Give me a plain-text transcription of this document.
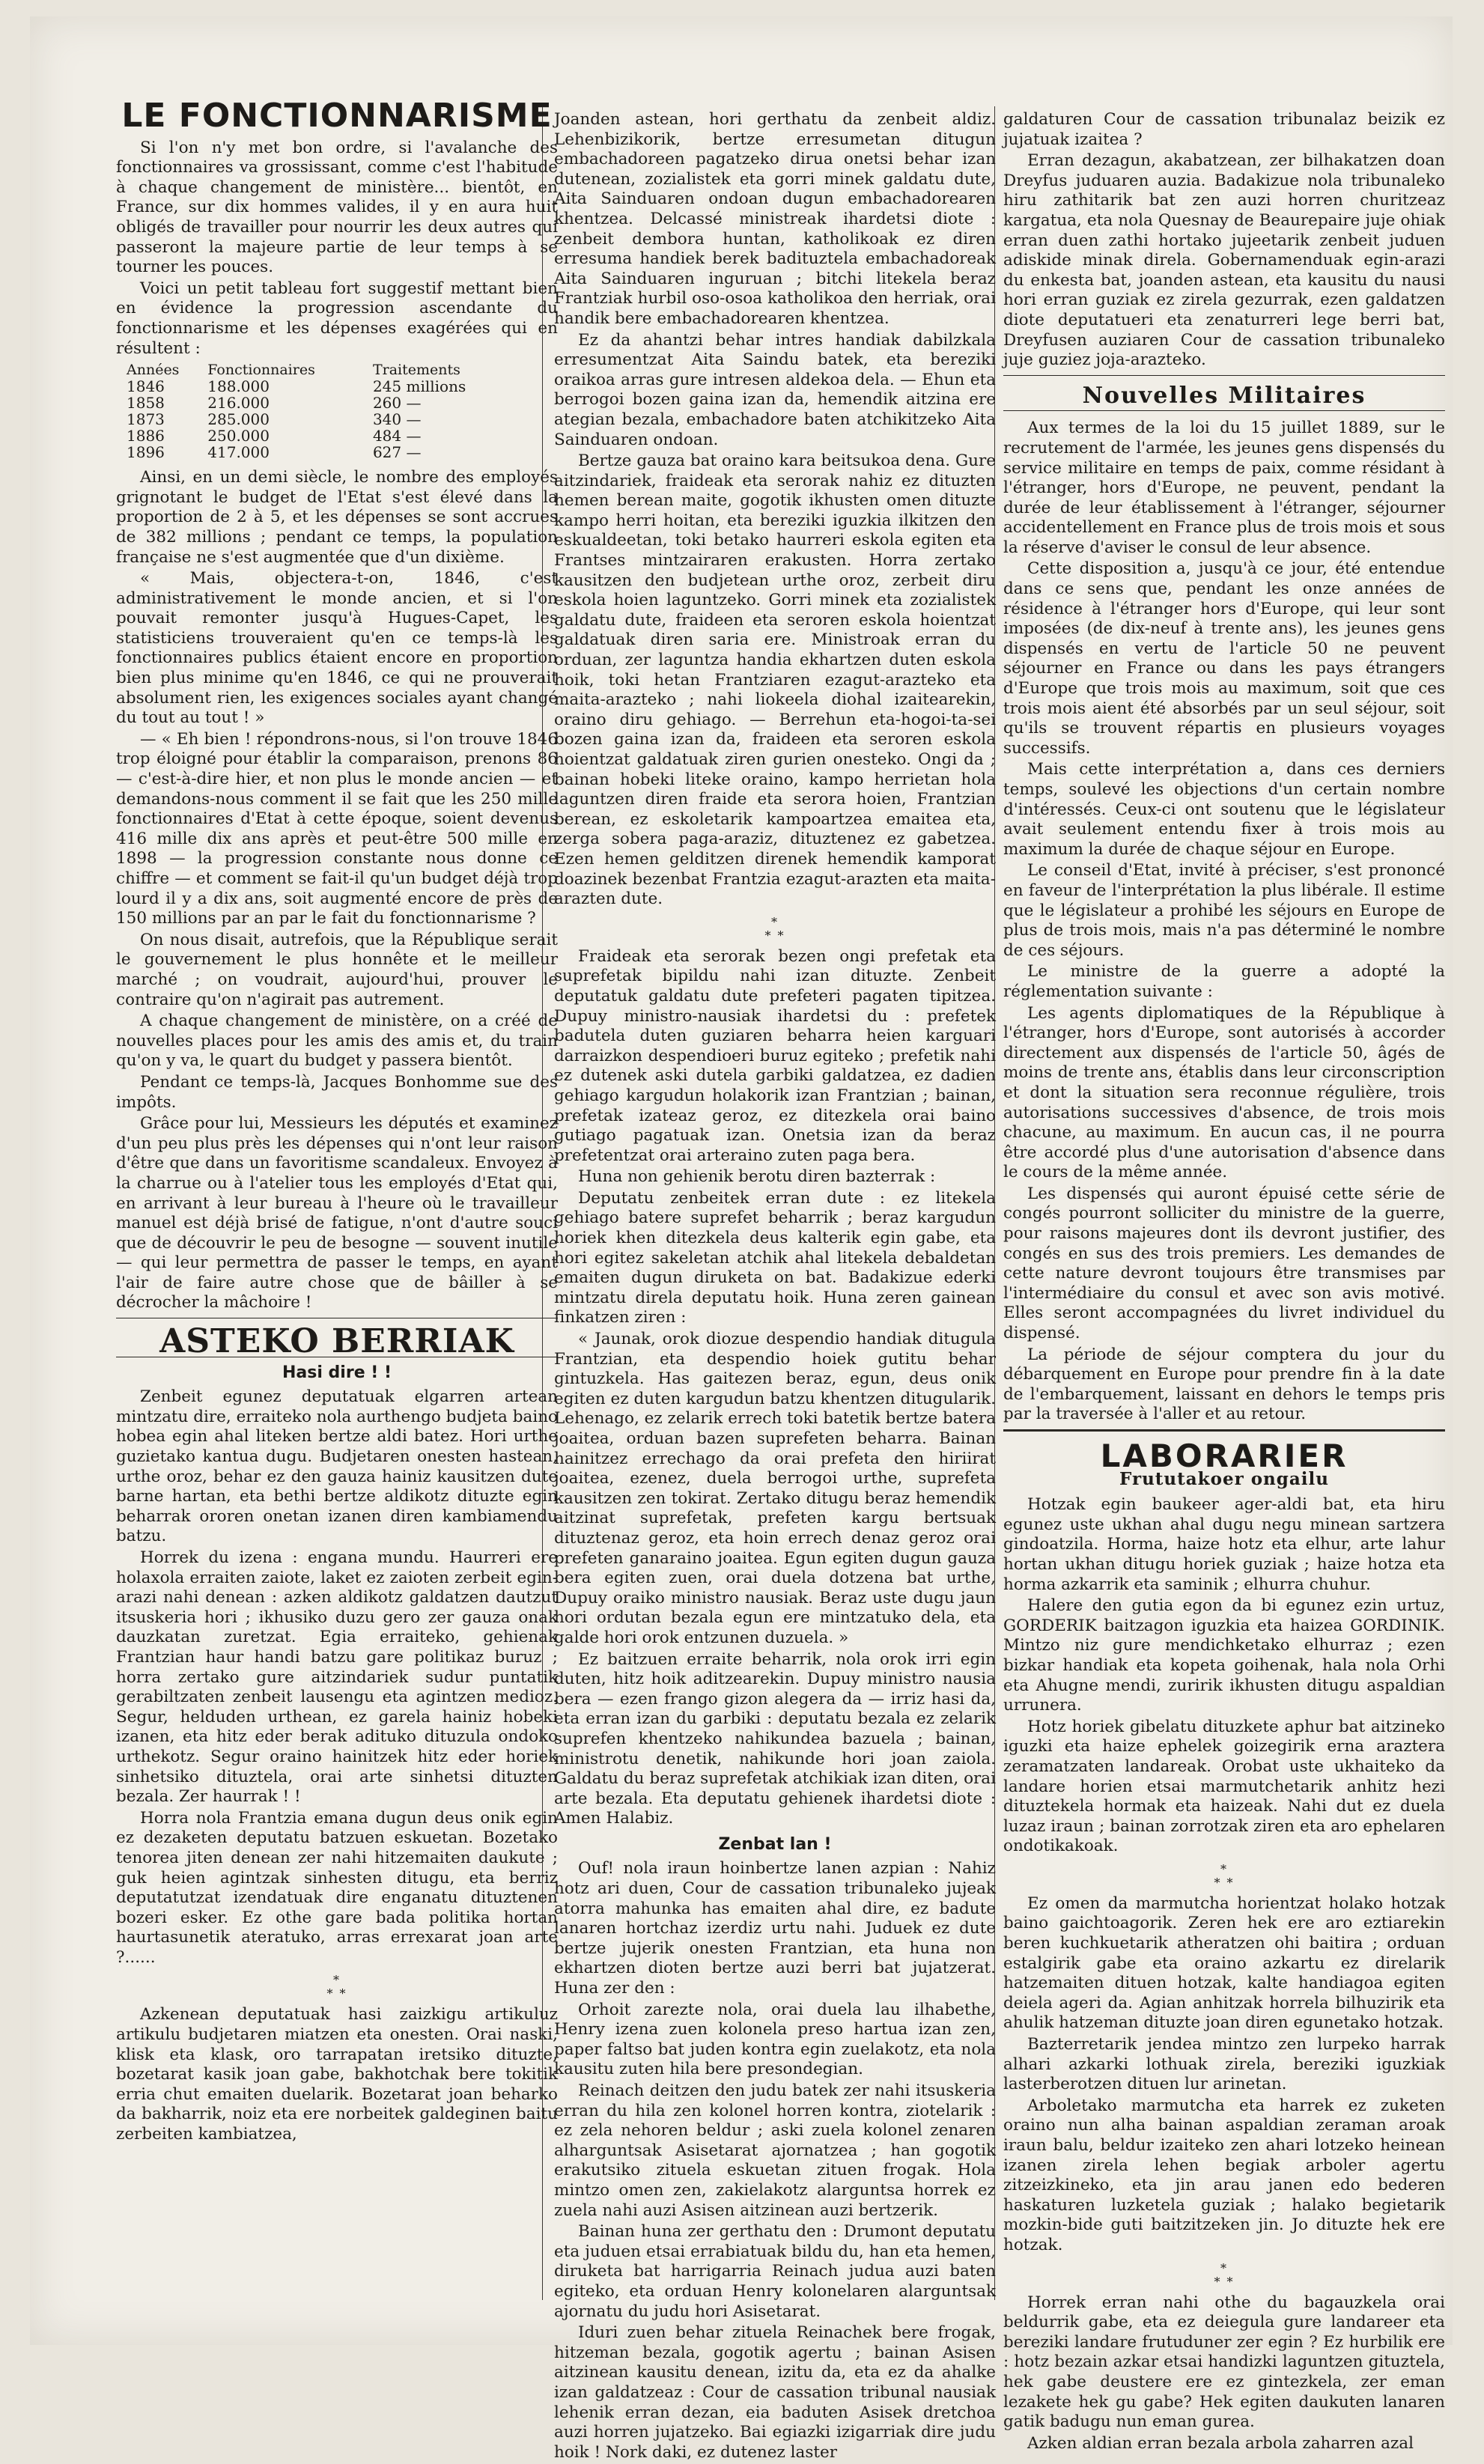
LE FONCTIONNARISME

Si l'on n'y met bon ordre, si l'avalanche des fonctionnaires va grossissant, comme c'est l'habitude à chaque changement de ministère... bientôt, en France, sur dix hommes valides, il y en aura huit obligés de travailler pour nourrir les deux autres qui passeront la majeure partie de leur temps à se tourner les pouces.

Voici un petit tableau fort suggestif mettant bien en évidence la progression ascendante du fonctionnarisme et les dépenses exagérées qui en résultent :

Années	Fonctionnaires	Traitements
1846	188.000	245 millions
1858	216.000	260 —
1873	285.000	340 —
1886	250.000	484 —
1896	417.000	627 —

Ainsi, en un demi siècle, le nombre des employés grignotant le budget de l'Etat s'est élevé dans la proportion de 2 à 5, et les dépenses se sont accrues de 382 millions ; pendant ce temps, la population française ne s'est augmentée que d'un dixième.

« Mais, objectera-t-on, 1846, c'est administrativement le monde ancien, et si l'on pouvait remonter jusqu'à Hugues-Capet, les statisticiens trouveraient qu'en ce temps-là les fonctionnaires publics étaient encore en proportion bien plus minime qu'en 1846, ce qui ne prouverait absolument rien, les exigences sociales ayant changé du tout au tout ! »

— « Eh bien ! répondrons-nous, si l'on trouve 1846 trop éloigné pour établir la comparaison, prenons 86 — c'est-à-dire hier, et non plus le monde ancien — et demandons-nous comment il se fait que les 250 mille fonctionnaires d'Etat à cette époque, soient devenus 416 mille dix ans après et peut-être 500 mille en 1898 — la progression constante nous donne ce chiffre — et comment se fait-il qu'un budget déjà trop lourd il y a dix ans, soit augmenté encore de près de 150 millions par an par le fait du fonctionnarisme ?

On nous disait, autrefois, que la République serait le gouvernement le plus honnête et le meilleur marché ; on voudrait, aujourd'hui, prouver le contraire qu'on n'agirait pas autrement.

A chaque changement de ministère, on a créé de nouvelles places pour les amis des amis et, du train qu'on y va, le quart du budget y passera bientôt.

Pendant ce temps-là, Jacques Bonhomme sue des impôts.

Grâce pour lui, Messieurs les députés et examinez d'un peu plus près les dépenses qui n'ont leur raison d'être que dans un favoritisme scandaleux. Envoyez à la charrue ou à l'atelier tous les employés d'Etat qui, en arrivant à leur bureau à l'heure où le travailleur manuel est déjà brisé de fatigue, n'ont d'autre souci que de découvrir le peu de besogne — souvent inutile — qui leur permettra de passer le temps, en ayant l'air de faire autre chose que de bâiller à se décrocher la mâchoire !

ASTEKO BERRIAK
Hasi dire ! !

Zenbeit egunez deputatuak elgarren artean mintzatu dire, erraiteko nola aurthengo budjeta baino hobea egin ahal liteken bertze aldi batez. Hori urthe guzietako kantua dugu. Budjetaren onesten hastean, urthe oroz, behar ez den gauza hainiz kausitzen dute barne hartan, eta bethi bertze aldikotz dituzte egin beharrak ororen onetan izanen diren kambiamendu batzu.

Horrek du izena : engana mundu. Haurreri ere holaxola erraiten zaiote, laket ez zaioten zerbeit egin-arazi nahi denean : azken aldikotz galdatzen dautzut itsuskeria hori ; ikhusiko duzu gero zer gauza onak dauzkatan zuretzat. Egia erraiteko, gehienak Frantzian haur handi batzu gare politikaz buruz ; horra zertako gure aitzindariek sudur puntatik gerabiltzaten zenbeit lausengu eta agintzen medioz. Segur, helduden urthean, ez garela hainiz hobeki izanen, eta hitz eder berak adituko dituzula ondoko urthekotz. Segur oraino hainitzek hitz eder horiek sinhetsiko dituztela, orai arte sinhetsi dituzten bezala. Zer haurrak ! !

Horra nola Frantzia emana dugun deus onik egin ez dezaketen deputatu batzuen eskuetan. Bozetako tenorea jiten denean zer nahi hitzemaiten daukute ; guk heien agintzak sinhesten ditugu, eta berriz deputatutzat izendatuak dire enganatu dituztenen bozeri esker. Ez othe gare bada politika hortan haurtasunetik ateratuko, arras errexarat joan arte ?......

*
* *

Azkenean deputatuak hasi zaizkigu artikuluz artikulu budjetaren miatzen eta onesten. Orai naski, klisk eta klask, oro tarrapatan iretsiko dituzte, bozetarat kasik joan gabe, bakhotchak bere tokitik erria chut emaiten duelarik. Bozetarat joan beharko da bakharrik, noiz eta ere norbeitek galdeginen baitu zerbeiten kambiatzea,

Joanden astean, hori gerthatu da zenbeit aldiz. Lehenbizikorik, bertze erresumetan ditugun embachadoreen pagatzeko dirua onetsi behar izan dutenean, zozialistek eta gorri minek galdatu dute, Aita Sainduaren ondoan dugun embachadorearen khentzea. Delcassé ministreak ihardetsi diote : zenbeit dembora huntan, katholikoak ez diren erresuma handiek berek badituztela embachadoreak Aita Sainduaren inguruan ; bitchi litekela beraz Frantziak hurbil oso-osoa katholikoa den herriak, orai handik bere embachadorearen khentzea.

Ez da ahantzi behar intres handiak dabilzkala erresumentzat Aita Saindu batek, eta bereziki oraikoa arras gure intresen aldekoa dela. — Ehun eta berrogoi bozen gaina izan da, hemendik aitzina ere ategian bezala, embachadore baten atchikitzeko Aita Sainduaren ondoan.

Bertze gauza bat oraino kara beitsukoa dena. Gure aitzindariek, fraideak eta serorak nahiz ez dituzten hemen berean maite, gogotik ikhusten omen dituzte kampo herri hoitan, eta bereziki iguzkia ilkitzen den eskualdeetan, toki betako haurreri eskola egiten eta Frantses mintzairaren erakusten. Horra zertako kausitzen den budjetean urthe oroz, zerbeit diru eskola hoien laguntzeko. Gorri minek eta zozialistek galdatu dute, fraideen eta seroren eskola hoientzat galdatuak diren saria ere. Ministroak erran du orduan, zer laguntza handia ekhartzen duten eskola hoik, toki hetan Frantziaren ezagut-arazteko eta maita-arazteko ; nahi liokeela diohal izaitearekin, oraino diru gehiago. — Berrehun eta-hogoi-ta-sei bozen gaina izan da, fraideen eta seroren eskola hoientzat galdatuak ziren gurien onesteko. Ongi da ; bainan hobeki liteke oraino, kampo herrietan hola laguntzen diren fraide eta serora hoien, Frantzian berean, ez eskoletarik kampoartzea emaitea eta, zerga sobera paga-araziz, dituztenez ez gabetzea. Ezen hemen gelditzen direnek hemendik kamporat doazinek bezenbat Frantzia ezagut-arazten eta maita-arazten dute.

*
* *

Fraideak eta serorak bezen ongi prefetak eta suprefetak bipildu nahi izan dituzte. Zenbeit deputatuk galdatu dute prefeteri pagaten tipitzea. Dupuy ministro-nausiak ihardetsi du : prefetek badutela duten guziaren beharra heien karguari darraizkon despendioeri buruz egiteko ; prefetik nahi ez dutenek aski dutela garbiki galdatzea, ez dadien gehiago kargudun holakorik izan Frantzian ; bainan, prefetak izateaz geroz, ez ditezkela orai baino gutiago pagatuak izan. Onetsia izan da beraz prefetentzat orai arteraino zuten paga bera.

Huna non gehienik berotu diren bazterrak :

Deputatu zenbeitek erran dute : ez litekela gehiago batere suprefet beharrik ; beraz kargudun horiek khen ditezkela deus kalterik egin gabe, eta hori egitez sakeletan atchik ahal litekela debaldetan emaiten dugun diruketa on bat. Badakizue ederki mintzatu direla deputatu hoik. Huna zeren gainean finkatzen ziren :

« Jaunak, orok diozue despendio handiak ditugula Frantzian, eta despendio hoiek gutitu behar gintuzkela. Has gaitezen beraz, egun, deus onik egiten ez duten kargudun batzu khentzen ditugularik. Lehenago, ez zelarik errech toki batetik bertze batera joaitea, orduan bazen suprefeten beharra. Bainan hainitzez errechago da orai prefeta den hiriirat joaitea, ezenez, duela berrogoi urthe, suprefeta kausitzen zen tokirat. Zertako ditugu beraz hemendik aitzinat suprefetak, prefeten kargu bertsuak dituztenaz geroz, eta hoin errech denaz geroz orai prefeten ganaraino joaitea. Egun egiten dugun gauza bera egiten zuen, orai duela dotzena bat urthe, Dupuy oraiko ministro nausiak. Beraz uste dugu jaun hori ordutan bezala egun ere mintzatuko dela, eta galde hori orok entzunen duzuela. »

Ez baitzuen erraite beharrik, nola orok irri egin duten, hitz hoik aditzearekin. Dupuy ministro nausia bera — ezen frango gizon alegera da — irriz hasi da, eta erran izan du garbiki : deputatu bezala ez zelarik suprefen khentzeko nahikundea bazuela ; bainan, ministrotu denetik, nahikunde hori joan zaiola. Galdatu du beraz suprefetak atchikiak izan diten, orai arte bezala. Eta deputatu gehienek ihardetsi diote : Amen Halabiz.

Zenbat lan !

Ouf! nola iraun hoinbertze lanen azpian : Nahiz hotz ari duen, Cour de cassation tribunaleko jujeak atorra mahunka has emaiten ahal dire, ez badute lanaren hortchaz izerdiz urtu nahi. Juduek ez dute bertze jujerik onesten Frantzian, eta huna non ekhartzen dioten bertze auzi berri bat jujatzerat. Huna zer den :

Orhoit zarezte nola, orai duela lau ilhabethe, Henry izena zuen kolonela preso hartua izan zen, paper faltso bat juden kontra egin zuelakotz, eta nola kausitu zuten hila bere presondegian.

Reinach deitzen den judu batek zer nahi itsuskeria erran du hila zen kolonel horren kontra, ziotelarik : ez zela nehoren beldur ; aski zuela kolonel zenaren alharguntsak Asisetarat ajornatzea ; han gogotik erakutsiko zituela eskuetan zituen frogak. Hola mintzo omen zen, zakielakotz alarguntsa horrek ez zuela nahi auzi Asisen aitzinean auzi bertzerik.

Bainan huna zer gerthatu den : Drumont deputatu eta juduen etsai errabiatuak bildu du, han eta hemen, diruketa bat harrigarria Reinach judua auzi baten egiteko, eta orduan Henry kolonelaren alarguntsak ajornatu du judu hori Asisetarat.

Iduri zuen behar zituela Reinachek bere frogak, hitzeman bezala, gogotik agertu ; bainan Asisen aitzinean kausitu denean, izitu da, eta ez da ahalke izan galdatzeaz : Cour de cassation tribunal nausiak lehenik erran dezan, eia baduten Asisek dretchoa auzi horren jujatzeko. Bai egiazki izigarriak dire judu hoik ! Nork daki, ez dutenez laster

galdaturen Cour de cassation tribunalaz beizik ez jujatuak izaitea ?

Erran dezagun, akabatzean, zer bilhakatzen doan Dreyfus juduaren auzia. Badakizue nola tribunaleko hiru zathitarik bat zen auzi horren churitzeaz kargatua, eta nola Quesnay de Beaurepaire juje ohiak erran duen zathi hortako jujeetarik zenbeit juduen adiskide minak direla. Gobernamenduak egin-arazi du enkesta bat, joanden astean, eta kausitu du nausi hori erran guziak ez zirela gezurrak, ezen galdatzen diote deputatueri eta zenaturreri lege berri bat, Dreyfusen auziaren Cour de cassation tribunaleko juje guziez joja-arazteko.

Nouvelles Militaires

Aux termes de la loi du 15 juillet 1889, sur le recrutement de l'armée, les jeunes gens dispensés du service militaire en temps de paix, comme résidant à l'étranger, hors d'Europe, ne peuvent, pendant la durée de leur établissement à l'étranger, séjourner accidentellement en France plus de trois mois et sous la réserve d'aviser le consul de leur absence.

Cette disposition a, jusqu'à ce jour, été entendue dans ce sens que, pendant les onze années de résidence à l'étranger hors d'Europe, qui leur sont imposées (de dix-neuf à trente ans), les jeunes gens dispensés en vertu de l'article 50 ne peuvent séjourner en France ou dans les pays étrangers d'Europe que trois mois au maximum, soit que ces trois mois aient été absorbés par un seul séjour, soit qu'ils se trouvent répartis en plusieurs voyages successifs.

Mais cette interprétation a, dans ces derniers temps, soulevé les objections d'un certain nombre d'intéressés. Ceux-ci ont soutenu que le législateur avait seulement entendu fixer à trois mois au maximum la durée de chaque séjour en Europe.

Le conseil d'Etat, invité à préciser, s'est prononcé en faveur de l'interprétation la plus libérale. Il estime que le législateur a prohibé les séjours en Europe de plus de trois mois, mais n'a pas déterminé le nombre de ces séjours.

Le ministre de la guerre a adopté la réglementation suivante :

Les agents diplomatiques de la République à l'étranger, hors d'Europe, sont autorisés à accorder directement aux dispensés de l'article 50, âgés de moins de trente ans, établis dans leur circonscription et dont la situation sera reconnue régulière, trois autorisations successives d'absence, de trois mois chacune, au maximum. En aucun cas, il ne pourra être accordé plus d'une autorisation d'absence dans le cours de la même année.

Les dispensés qui auront épuisé cette série de congés pourront solliciter du ministre de la guerre, pour raisons majeures dont ils devront justifier, des congés en sus des trois premiers. Les demandes de cette nature devront toujours être transmises par l'intermédiaire du consul et avec son avis motivé. Elles seront accompagnées du livret individuel du dispensé.

La période de séjour comptera du jour du débarquement en Europe pour prendre fin à la date de l'embarquement, laissant en dehors le temps pris par la traversée à l'aller et au retour.

LABORARIER
Frututakoer ongailu

Hotzak egin baukeer ager-aldi bat, eta hiru egunez uste ukhan ahal dugu negu minean sartzera gindoatzila. Horma, haize hotz eta elhur, arte lahur hortan ukhan ditugu horiek guziak ; haize hotza eta horma azkarrik eta saminik ; elhurra chuhur.

Halere den gutia egon da bi egunez ezin urtuz, GORDERIK baitzagon iguzkia eta haizea GORDINIK. Mintzo niz gure mendichketako elhurraz ; ezen bizkar handiak eta kopeta goihenak, hala nola Orhi eta Ahugne mendi, zuririk ikhusten ditugu aspaldian urrunera.

Hotz horiek gibelatu dituzkete aphur bat aitzineko iguzki eta haize ephelek goizegirik erna araztera zeramatzaten landareak. Orobat uste ukhaiteko da landare horien etsai marmutchetarik anhitz hezi dituztekela hormak eta haizeak. Nahi dut ez duela luzaz iraun ; bainan zorrotzak ziren eta aro ephelaren ondotikakoak.

*
* *

Ez omen da marmutcha horientzat holako hotzak baino gaichtoagorik. Zeren hek ere aro eztiarekin beren kuchkuetarik atheratzen ohi baitira ; orduan estalgirik gabe eta oraino azkartu ez direlarik hatzemaiten dituen hotzak, kalte handiagoa egiten deiela ageri da. Agian anhitzak horrela bilhuzirik eta ahulik hatzeman dituzte joan diren egunetako hotzak.

Bazterretarik jendea mintzo zen lurpeko harrak alhari azkarki lothuak zirela, bereziki iguzkiak lasterberotzen dituen lur arinetan.

Arboletako marmutcha eta harrek ez zuketen oraino nun alha bainan aspaldian zeraman aroak iraun balu, beldur izaiteko zen ahari lotzeko heinean izanen zirela lehen begiak arboler agertu zitzeizkineko, eta jin arau janen edo bederen haskaturen luzketela guziak ; halako begietarik mozkin-bide guti baitzitzeken jin. Jo dituzte hek ere hotzak.

*
* *

Horrek erran nahi othe du bagauzkela orai beldurrik gabe, eta ez deiegula gure landareer eta bereziki landare frutuduner zer egin ? Ez hurbilik ere : hotz bezain azkar etsai handizki laguntzen gituztela, hek gabe deustere ere ez gintezkela, zer eman lezakete hek gu gabe? Hek egiten daukuten lanaren gatik badugu nun eman gurea.

Azken aldian erran bezala arbola zaharren azal
